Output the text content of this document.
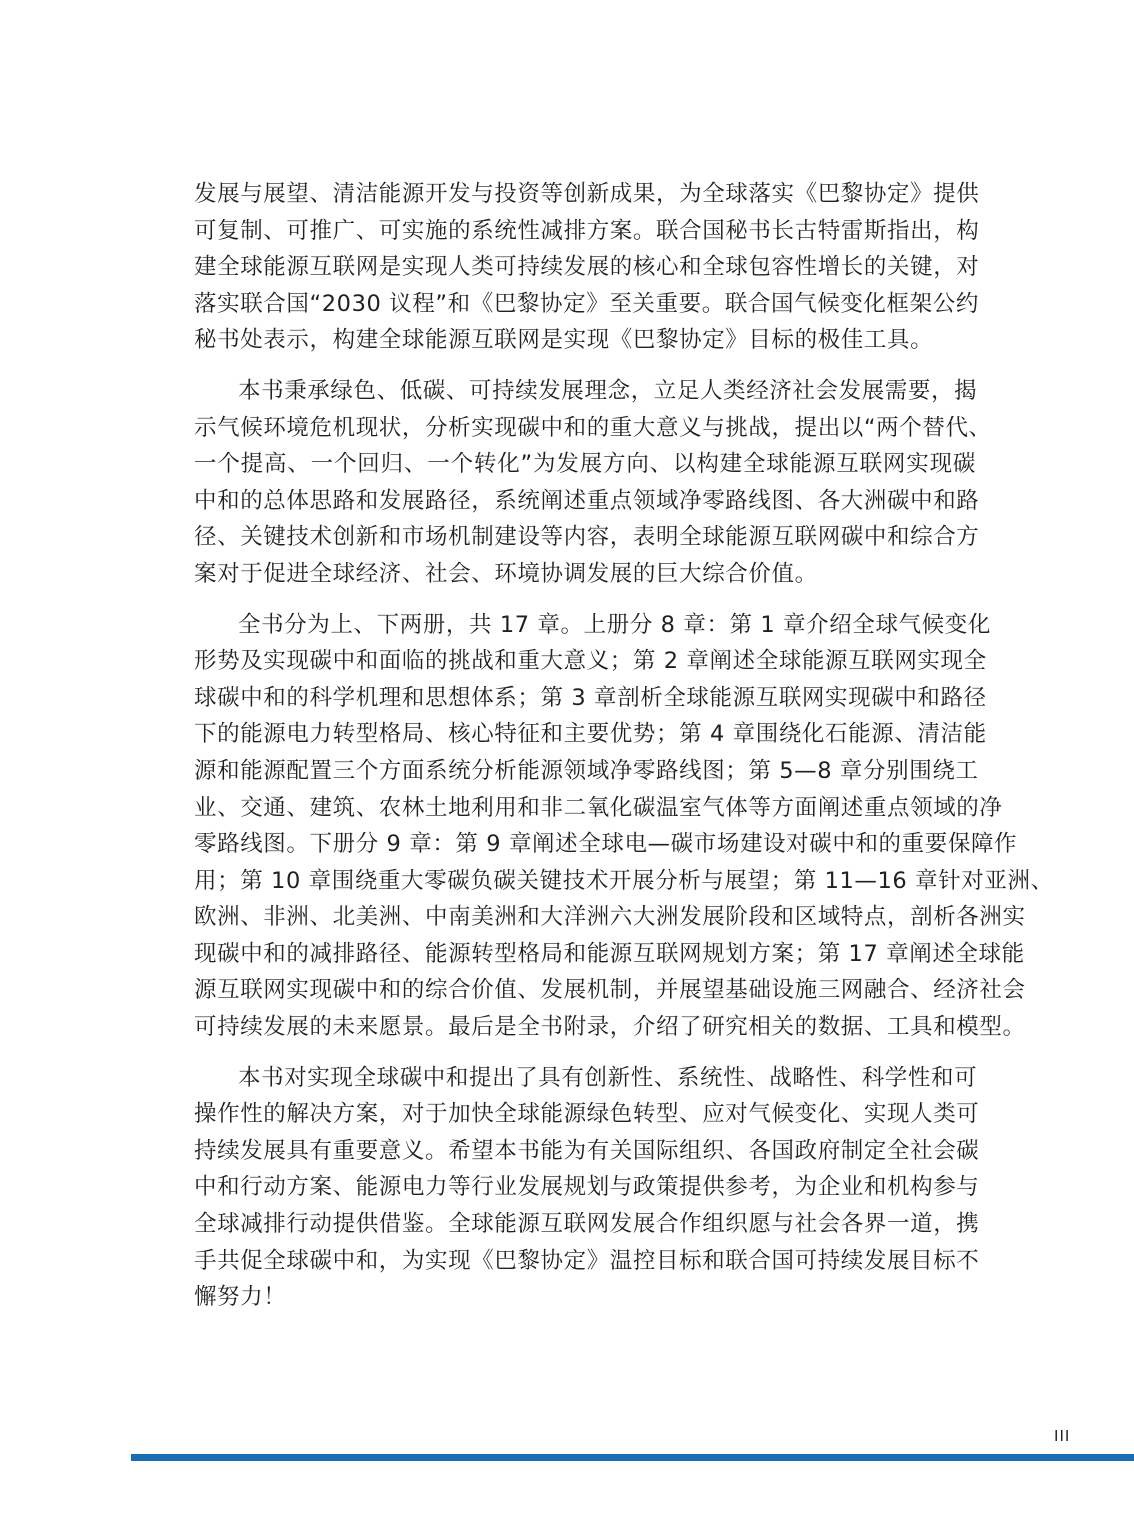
发展与展望、清洁能源开发与投资等创新成果，为全球落实《巴黎协定》提供
可复制、可推广、可实施的系统性减排方案。联合国秘书长古特雷斯指出，构
建全球能源互联网是实现人类可持续发展的核心和全球包容性增长的关键，对
落实联合国“2030 议程”和《巴黎协定》至关重要。联合国气候变化框架公约
秘书处表示，构建全球能源互联网是实现《巴黎协定》目标的极佳工具。
本书秉承绿色、低碳、可持续发展理念，立足人类经济社会发展需要，揭
示气候环境危机现状，分析实现碳中和的重大意义与挑战，提出以“两个替代、
一个提高、一个回归、一个转化”为发展方向、以构建全球能源互联网实现碳
中和的总体思路和发展路径，系统阐述重点领域净零路线图、各大洲碳中和路
径、关键技术创新和市场机制建设等内容，表明全球能源互联网碳中和综合方
案对于促进全球经济、社会、环境协调发展的巨大综合价值。
全书分为上、下两册，共 17 章。上册分 8 章：第 1 章介绍全球气候变化
形势及实现碳中和面临的挑战和重大意义；第 2 章阐述全球能源互联网实现全
球碳中和的科学机理和思想体系；第 3 章剖析全球能源互联网实现碳中和路径
下的能源电力转型格局、核心特征和主要优势；第 4 章围绕化石能源、清洁能
源和能源配置三个方面系统分析能源领域净零路线图；第 5—8 章分别围绕工
业、交通、建筑、农林土地利用和非二氧化碳温室气体等方面阐述重点领域的净
零路线图。下册分 9 章：第 9 章阐述全球电—碳市场建设对碳中和的重要保障作
用；第 10 章围绕重大零碳负碳关键技术开展分析与展望；第 11—16 章针对亚洲、
欧洲、非洲、北美洲、中南美洲和大洋洲六大洲发展阶段和区域特点，剖析各洲实
现碳中和的减排路径、能源转型格局和能源互联网规划方案；第 17 章阐述全球能
源互联网实现碳中和的综合价值、发展机制，并展望基础设施三网融合、经济社会
可持续发展的未来愿景。最后是全书附录，介绍了研究相关的数据、工具和模型。
本书对实现全球碳中和提出了具有创新性、系统性、战略性、科学性和可
操作性的解决方案，对于加快全球能源绿色转型、应对气候变化、实现人类可
持续发展具有重要意义。希望本书能为有关国际组织、各国政府制定全社会碳
中和行动方案、能源电力等行业发展规划与政策提供参考，为企业和机构参与
全球减排行动提供借鉴。全球能源互联网发展合作组织愿与社会各界一道，携
手共促全球碳中和，为实现《巴黎协定》温控目标和联合国可持续发展目标不
懈努力！
III
